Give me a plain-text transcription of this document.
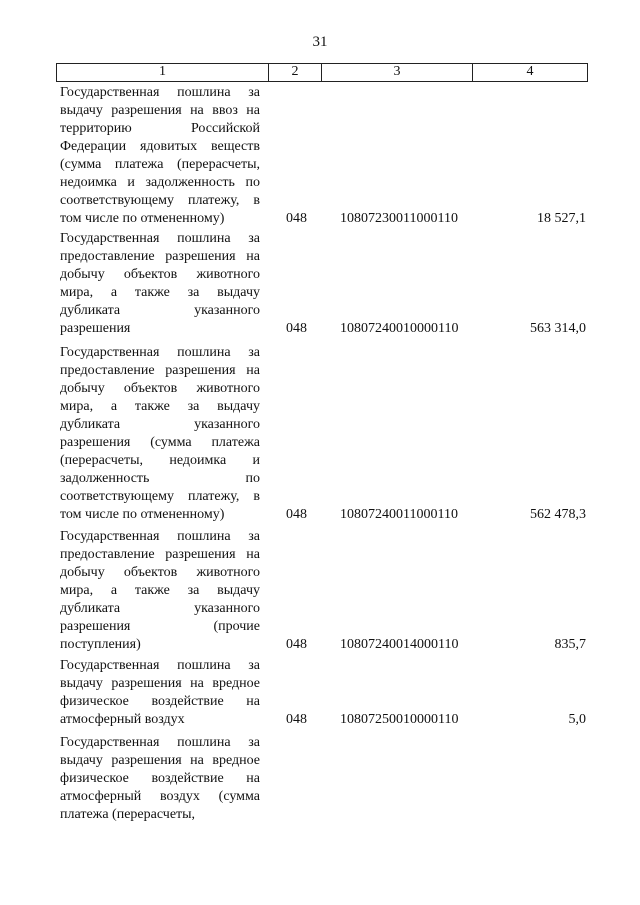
31
1	2	3	4
Государственная пошлина за
выдачу разрешения на ввоз на
территорию Российской
Федерации ядовитых веществ
(сумма платежа (перерасчеты,
недоимка и задолженность по
соответствующему платежу, в
том числе по отмененному)	048	10807230011000110	18 527,1
Государственная пошлина за
предоставление разрешения на
добычу объектов животного
мира, а также за выдачу
дубликата указанного
разрешения	048	10807240010000110	563 314,0
Государственная пошлина за
предоставление разрешения на
добычу объектов животного
мира, а также за выдачу
дубликата указанного
разрешения (сумма платежа
(перерасчеты, недоимка и
задолженность по
соответствующему платежу, в
том числе по отмененному)	048	10807240011000110	562 478,3
Государственная пошлина за
предоставление разрешения на
добычу объектов животного
мира, а также за выдачу
дубликата указанного
разрешения (прочие
поступления)	048	10807240014000110	835,7
Государственная пошлина за
выдачу разрешения на вредное
физическое воздействие на
атмосферный воздух	048	10807250010000110	5,0
Государственная пошлина за
выдачу разрешения на вредное
физическое воздействие на
атмосферный воздух (сумма
платежа (перерасчеты,
